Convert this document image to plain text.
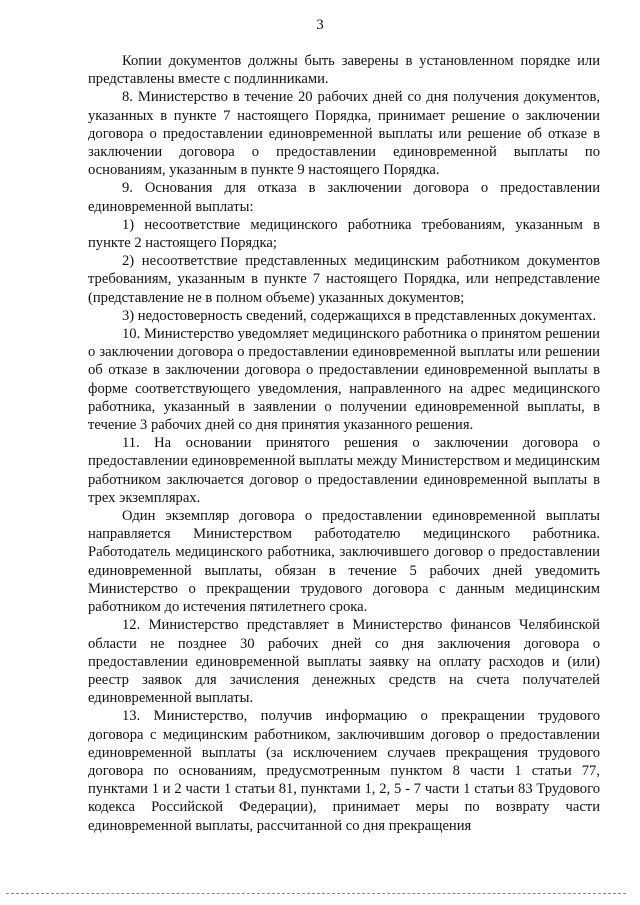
3

Копии документов должны быть заверены в установленном порядке или представлены вместе с подлинниками.

8. Министерство в течение 20 рабочих дней со дня получения документов, указанных в пункте 7 настоящего Порядка, принимает решение о заключении договора о предоставлении единовременной выплаты или решение об отказе в заключении договора о предоставлении единовременной выплаты по основаниям, указанным в пункте 9 настоящего Порядка.

9. Основания для отказа в заключении договора о предоставлении единовременной выплаты:

1) несоответствие медицинского работника требованиям, указанным в пункте 2 настоящего Порядка;

2) несоответствие представленных медицинским работником документов требованиям, указанным в пункте 7 настоящего Порядка, или непредставление (представление не в полном объеме) указанных документов;

3) недостоверность сведений, содержащихся в представленных документах.

10. Министерство уведомляет медицинского работника о принятом решении о заключении договора о предоставлении единовременной выплаты или решении об отказе в заключении договора о предоставлении единовременной выплаты в форме соответствующего уведомления, направленного на адрес медицинского работника, указанный в заявлении о получении единовременной выплаты, в течение 3 рабочих дней со дня принятия указанного решения.

11. На основании принятого решения о заключении договора о предоставлении единовременной выплаты между Министерством и медицинским работником заключается договор о предоставлении единовременной выплаты в трех экземплярах.

Один экземпляр договора о предоставлении единовременной выплаты направляется Министерством работодателю медицинского работника. Работодатель медицинского работника, заключившего договор о предоставлении единовременной выплаты, обязан в течение 5 рабочих дней уведомить Министерство о прекращении трудового договора с данным медицинским работником до истечения пятилетнего срока.

12. Министерство представляет в Министерство финансов Челябинской области не позднее 30 рабочих дней со дня заключения договора о предоставлении единовременной выплаты заявку на оплату расходов и (или) реестр заявок для зачисления денежных средств на счета получателей единовременной выплаты.

13. Министерство, получив информацию о прекращении трудового договора с медицинским работником, заключившим договор о предоставлении единовременной выплаты (за исключением случаев прекращения трудового договора по основаниям, предусмотренным пунктом 8 части 1 статьи 77, пунктами 1 и 2 части 1 статьи 81, пунктами 1, 2, 5 - 7 части 1 статьи 83 Трудового кодекса Российской Федерации), принимает меры по возврату части единовременной выплаты, рассчитанной со дня прекращения
